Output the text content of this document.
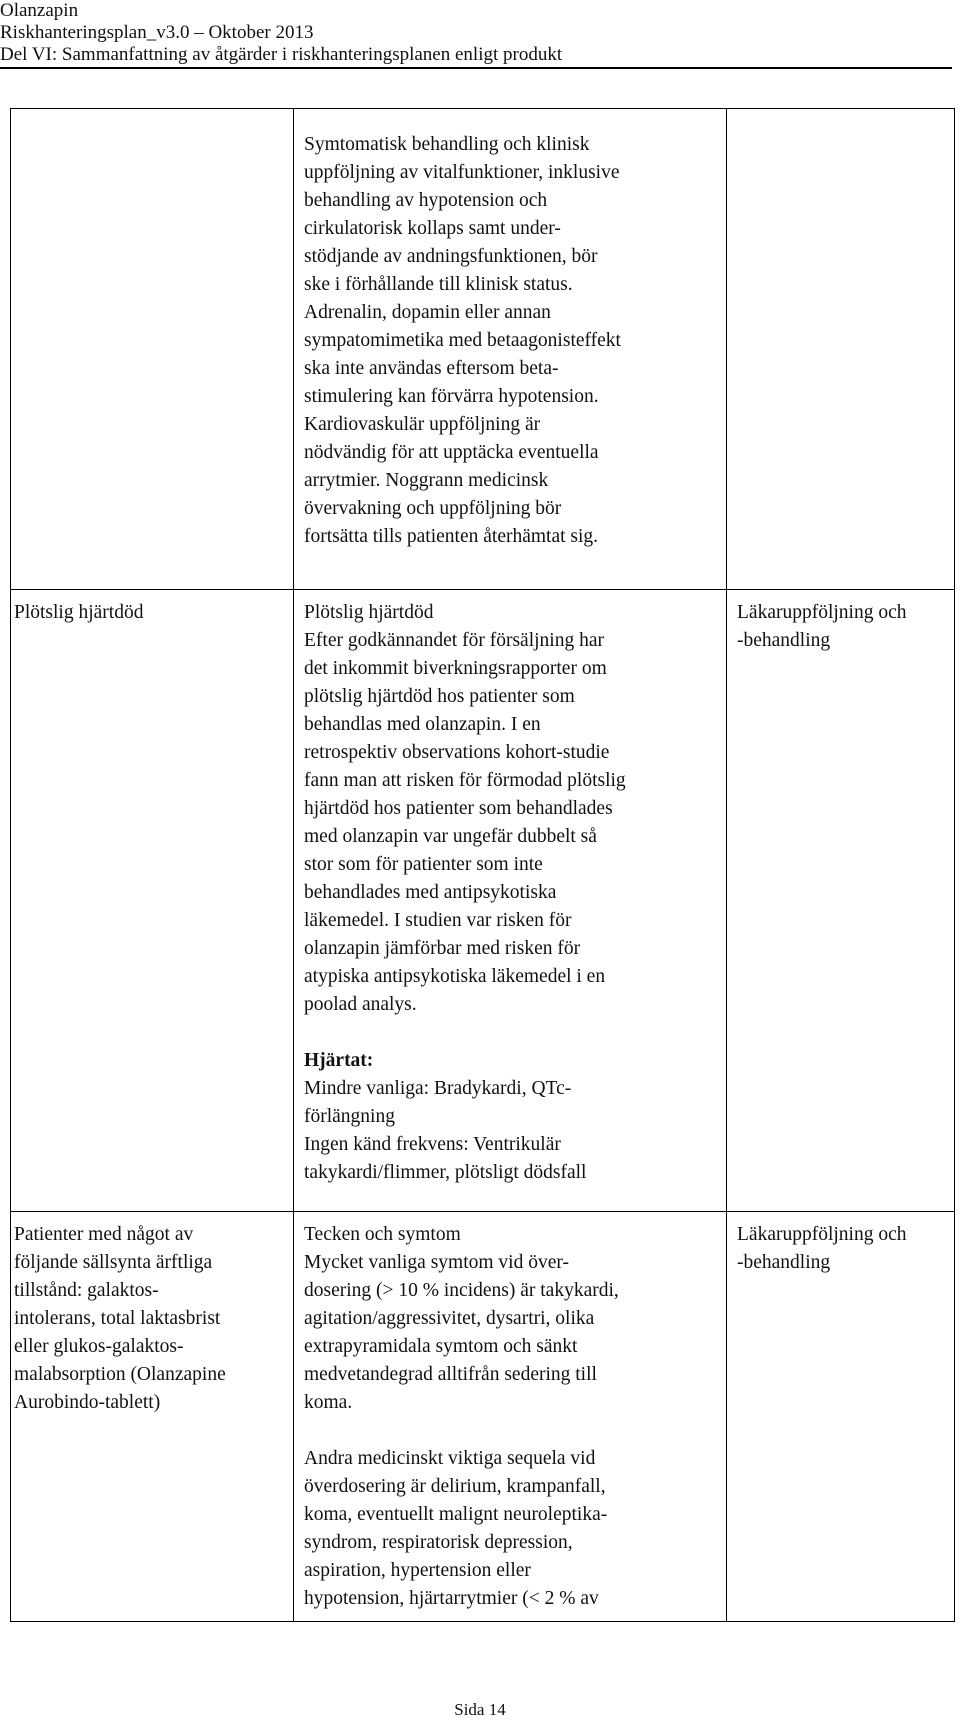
Olanzapin
Riskhanteringsplan_v3.0 – Oktober 2013
Del VI: Sammanfattning av åtgärder i riskhanteringsplanen enligt produkt
Symtomatisk behandling och klinisk
uppföljning av vitalfunktioner, inklusive
behandling av hypotension och
cirkulatorisk kollaps samt under-
stödjande av andningsfunktionen, bör
ske i förhållande till klinisk status.
Adrenalin, dopamin eller annan
sympatomimetika med betaagonisteffekt
ska inte användas eftersom beta-
stimulering kan förvärra hypotension.
Kardiovaskulär uppföljning är
nödvändig för att upptäcka eventuella
arrytmier. Noggrann medicinsk
övervakning och uppföljning bör
fortsätta tills patienten återhämtat sig.
Plötslig hjärtdöd	Plötslig hjärtdöd
Efter godkännandet för försäljning har
det inkommit biverkningsrapporter om
plötslig hjärtdöd hos patienter som
behandlas med olanzapin. I en
retrospektiv observations kohort-studie
fann man att risken för förmodad plötslig
hjärtdöd hos patienter som behandlades
med olanzapin var ungefär dubbelt så
stor som för patienter som inte
behandlades med antipsykotiska
läkemedel. I studien var risken för
olanzapin jämförbar med risken för
atypiska antipsykotiska läkemedel i en
poolad analys.
Hjärtat:
Mindre vanliga: Bradykardi, QTc-
förlängning
Ingen känd frekvens: Ventrikulär
takykardi/flimmer, plötsligt dödsfall
Läkaruppföljning och
-behandling
Patienter med något av
följande sällsynta ärftliga
tillstånd: galaktos-
intolerans, total laktasbrist
eller glukos-galaktos-
malabsorption (Olanzapine
Aurobindo-tablett)
Tecken och symtom
Mycket vanliga symtom vid över-
dosering (> 10 % incidens) är takykardi,
agitation/aggressivitet, dysartri, olika
extrapyramidala symtom och sänkt
medvetandegrad alltifrån sedering till
koma.
Andra medicinskt viktiga sequela vid
överdosering är delirium, krampanfall,
koma, eventuellt malignt neuroleptika-
syndrom, respiratorisk depression,
aspiration, hypertension eller
hypotension, hjärtarrytmier (< 2 % av
Läkaruppföljning och
-behandling
Sida 14
